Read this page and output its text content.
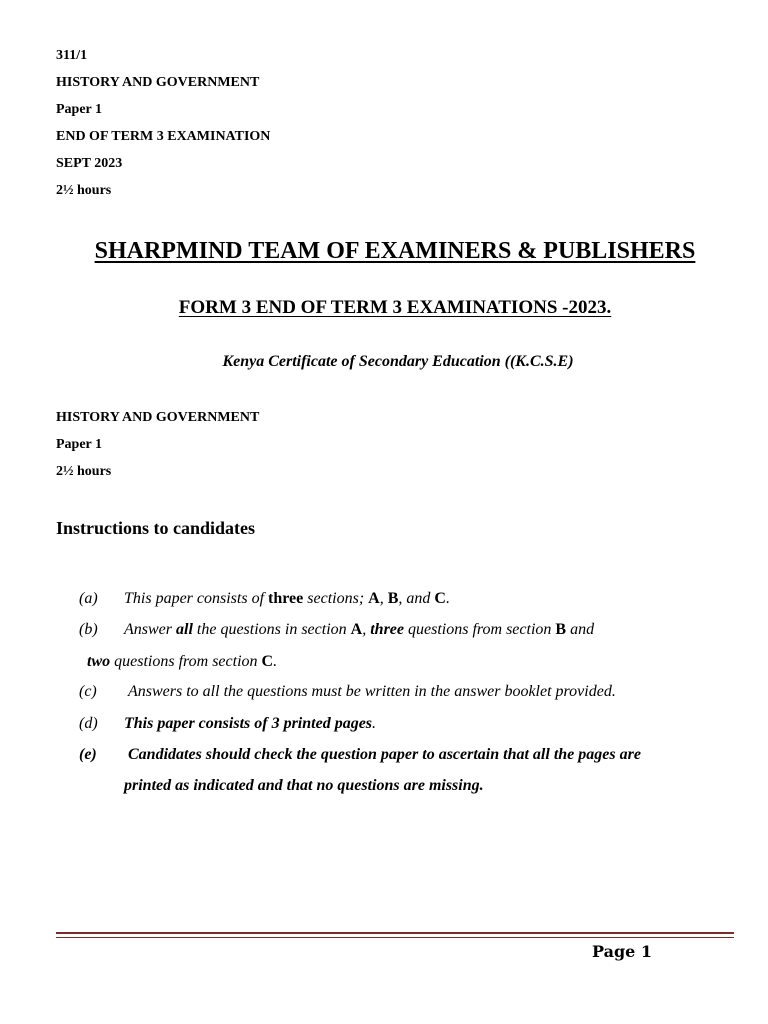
311/1
HISTORY AND GOVERNMENT
Paper 1
END OF TERM 3 EXAMINATION
SEPT 2023
2½ hours
SHARPMIND TEAM OF EXAMINERS & PUBLISHERS
FORM 3 END OF TERM 3 EXAMINATIONS -2023.
Kenya Certificate of Secondary Education ((K.C.S.E)
HISTORY AND GOVERNMENT
Paper 1
2½ hours
Instructions to candidates
(a) This paper consists of three sections; A, B, and C.
(b) Answer all the questions in section A, three questions from section B and
two questions from section C.
(c) Answers to all the questions must be written in the answer booklet provided.
(d) This paper consists of 3 printed pages.
(e) Candidates should check the question paper to ascertain that all the pages are
printed as indicated and that no questions are missing.
Page 1
